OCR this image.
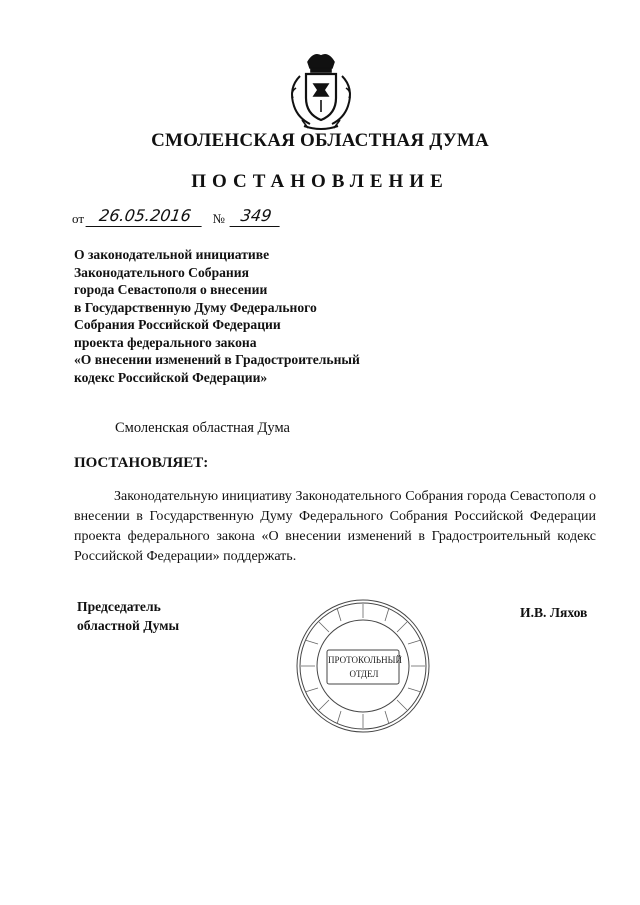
СМОЛЕНСКАЯ ОБЛАСТНАЯ ДУМА
ПОСТАНОВЛЕНИЕ
от 26.05.2016 № 349
О законодательной инициативе
Законодательного Собрания
города Севастополя о внесении
в Государственную Думу Федерального
Собрания Российской Федерации
проекта федерального закона
«О внесении изменений в Градостроительный
кодекс Российской Федерации»
Смоленская областная Дума
ПОСТАНОВЛЯЕТ:
Законодательную инициативу Законодательного Собрания города Севастополя о внесении в Государственную Думу Федерального Собрания Российской Федерации проекта федерального закона «О внесении изменений в Градостроительный кодекс Российской Федерации» поддержать.
Председатель
областной Думы
ПРОТОКОЛЬНЫЙ
ОТДЕЛ
И.В. Ляхов
